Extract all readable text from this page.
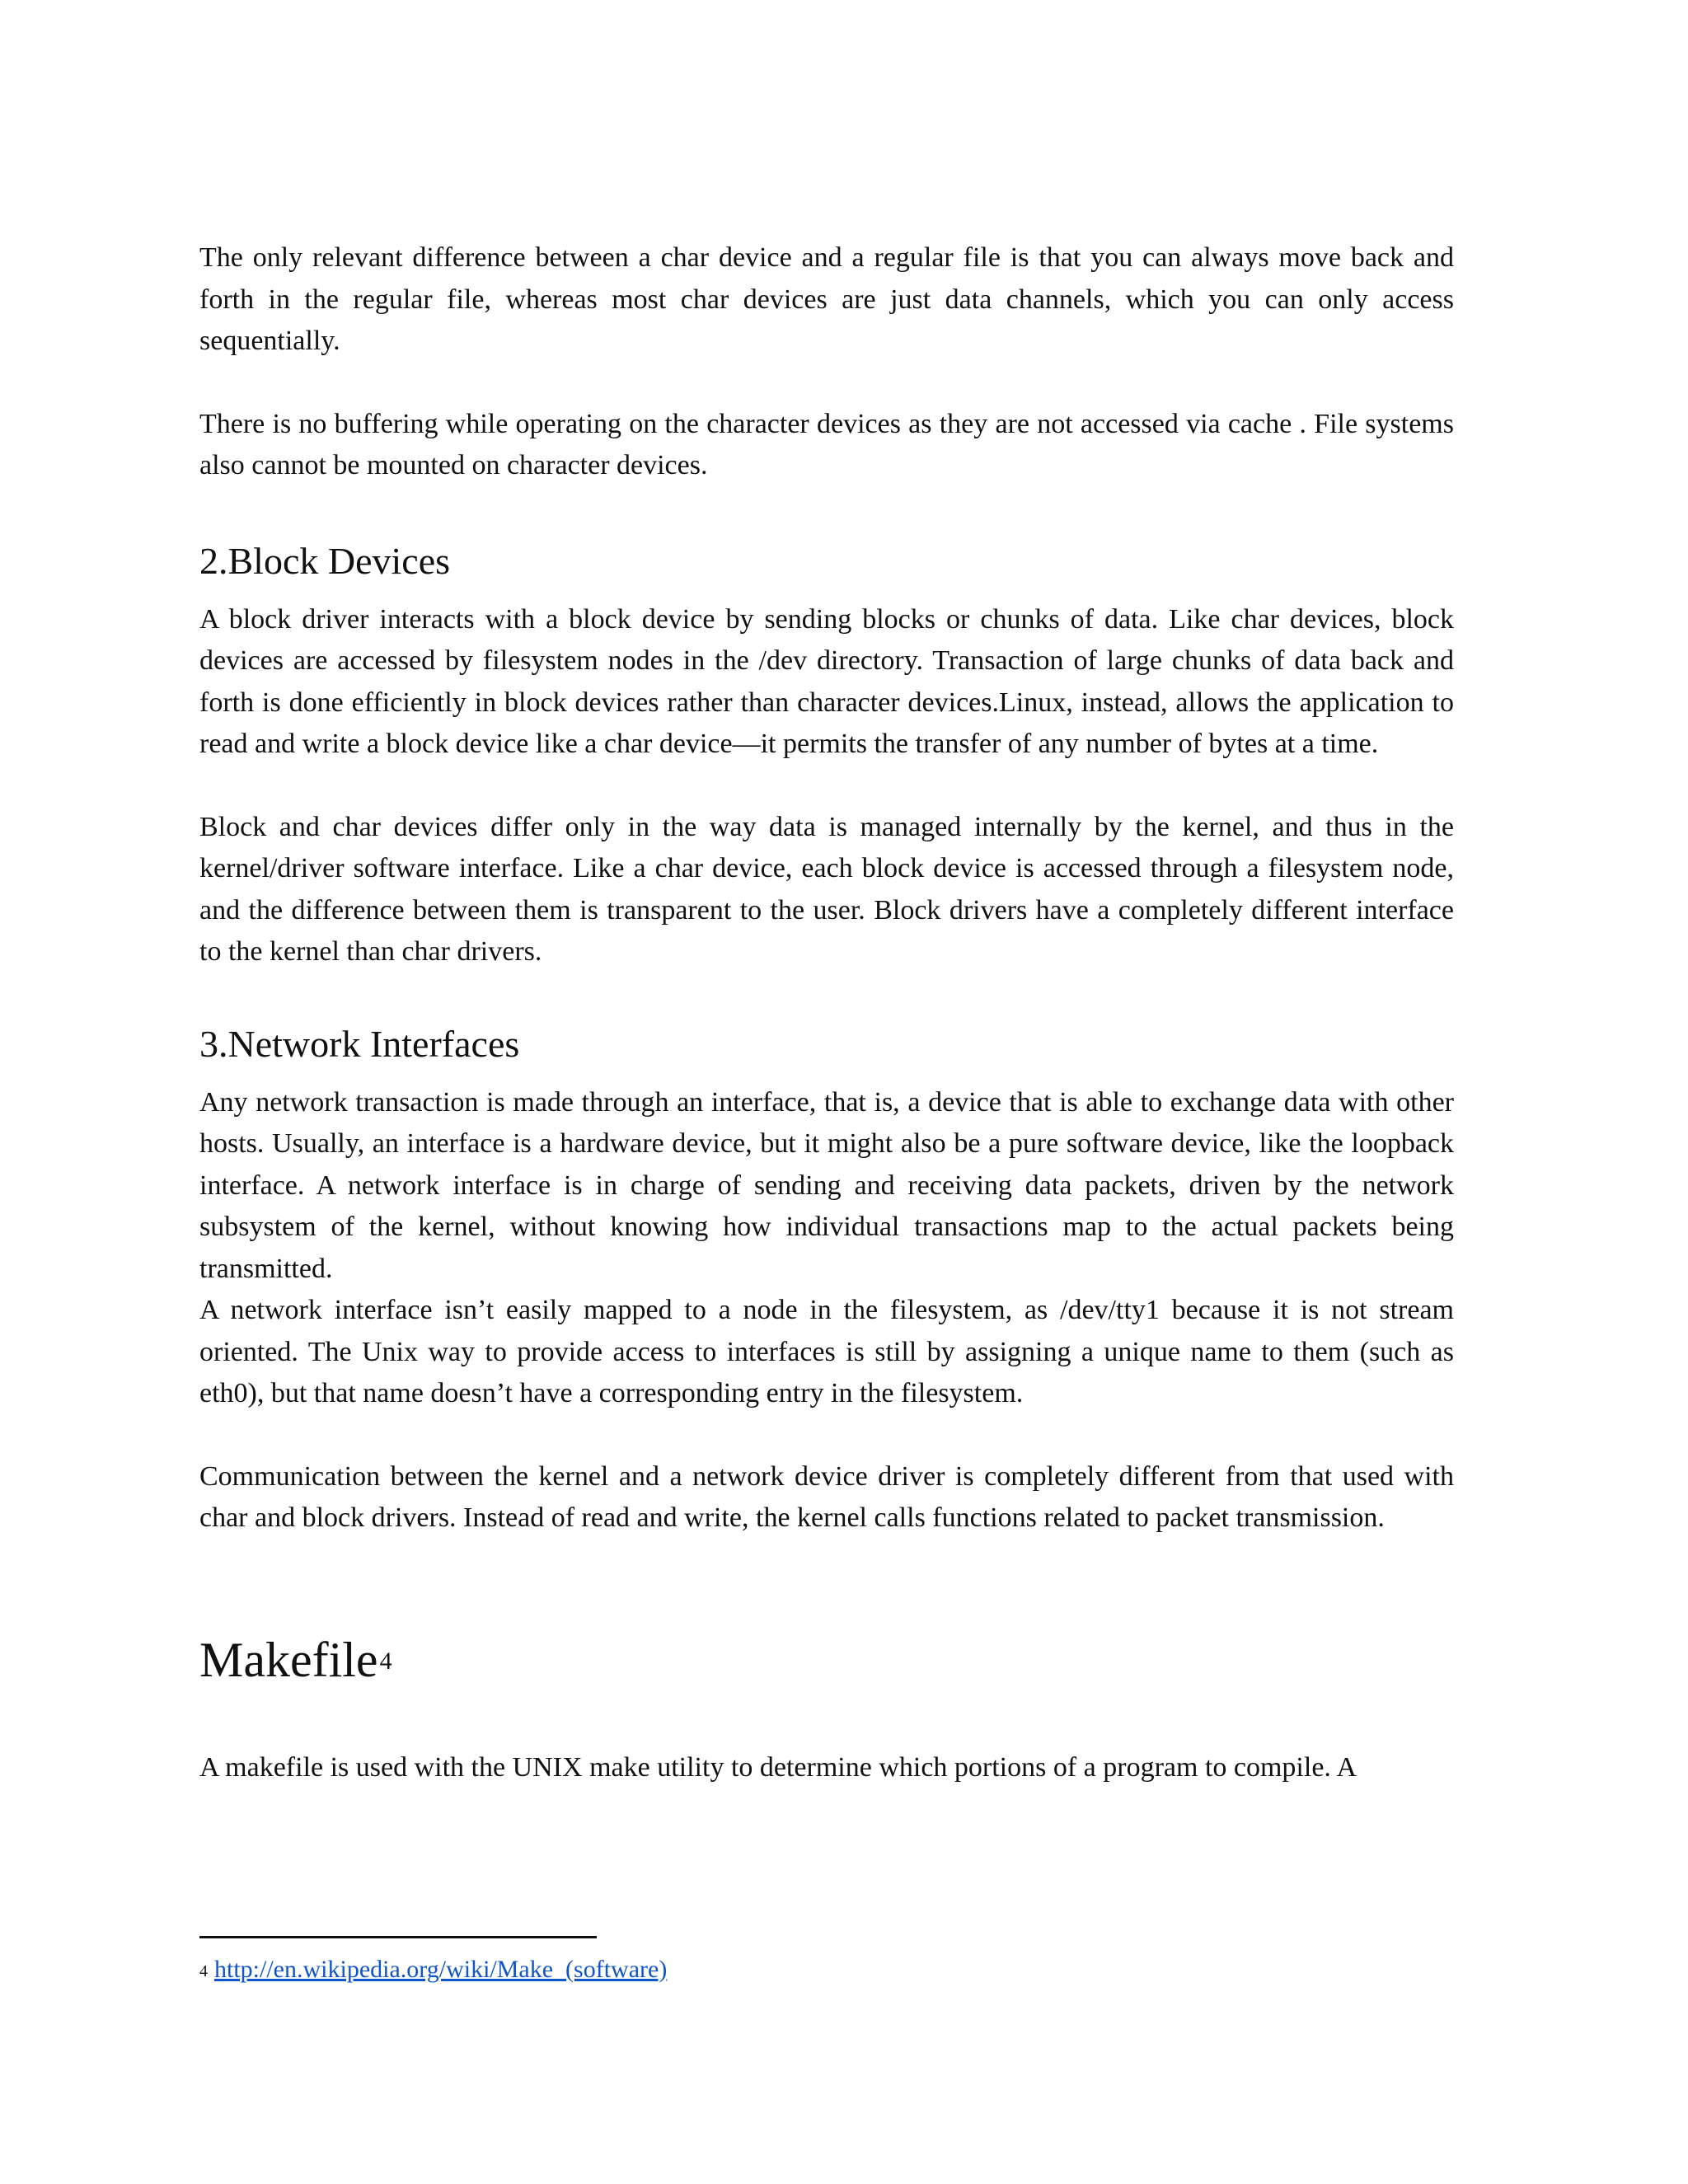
The only relevant difference between a char device and a regular file is that you can always move back and forth in the regular file, whereas most char devices are just data channels, which you can only access sequentially.

There is no buffering while operating on the character devices as they are not accessed via cache . File systems also cannot be mounted on character devices.

2.Block Devices

A block driver interacts with a block device by sending blocks or chunks of data. Like char devices, block devices are accessed by filesystem nodes in the /dev directory. Transaction of large chunks of data back and forth is done efficiently in block devices rather than character devices.Linux, instead, allows the application to read and write a block device like a char device—it permits the transfer of any number of bytes at a time.

Block and char devices differ only in the way data is managed internally by the kernel, and thus in the kernel/driver software interface. Like a char device, each block device is accessed through a filesystem node, and the difference between them is transparent to the user. Block drivers have a completely different interface to the kernel than char drivers.

3.Network Interfaces

Any network transaction is made through an interface, that is, a device that is able to exchange data with other hosts. Usually, an interface is a hardware device, but it might also be a pure software device, like the loopback interface. A network interface is in charge of sending and receiving data packets, driven by the network subsystem of the kernel, without knowing how individual transactions map to the actual packets being transmitted.

A network interface isn’t easily mapped to a node in the filesystem, as /dev/tty1 because it is not stream oriented. The Unix way to provide access to interfaces is still by assigning a unique name to them (such as eth0), but that name doesn’t have a corresponding entry in the filesystem.

Communication between the kernel and a network device driver is completely different from that used with char and block drivers. Instead of read and write, the kernel calls functions related to packet transmission.

Makefile$^4$

A makefile is used with the UNIX make utility to determine which portions of a program to compile. A

$^4$ http://en.wikipedia.org/wiki/Make_(software)
